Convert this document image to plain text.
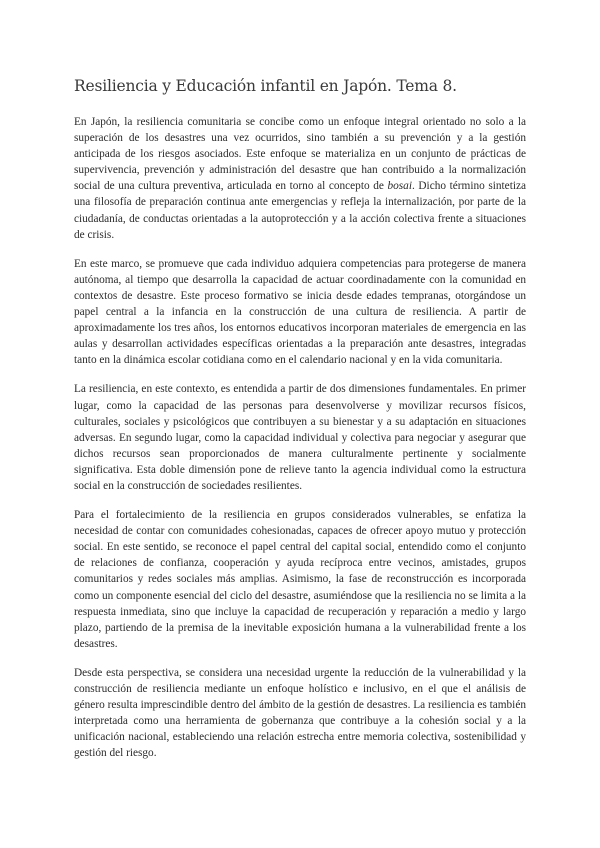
Resiliencia y Educación infantil en Japón. Tema 8.

En Japón, la resiliencia comunitaria se concibe como un enfoque integral orientado no solo a la superación de los desastres una vez ocurridos, sino también a su prevención y a la gestión anticipada de los riesgos asociados. Este enfoque se materializa en un conjunto de prácticas de supervivencia, prevención y administración del desastre que han contribuido a la normalización social de una cultura preventiva, articulada en torno al concepto de bosai. Dicho término sintetiza una filosofía de preparación continua ante emergencias y refleja la internalización, por parte de la ciudadanía, de conductas orientadas a la autoprotección y a la acción colectiva frente a situaciones de crisis.

En este marco, se promueve que cada individuo adquiera competencias para protegerse de manera autónoma, al tiempo que desarrolla la capacidad de actuar coordinadamente con la comunidad en contextos de desastre. Este proceso formativo se inicia desde edades tempranas, otorgándose un papel central a la infancia en la construcción de una cultura de resiliencia. A partir de aproximadamente los tres años, los entornos educativos incorporan materiales de emergencia en las aulas y desarrollan actividades específicas orientadas a la preparación ante desastres, integradas tanto en la dinámica escolar cotidiana como en el calendario nacional y en la vida comunitaria.

La resiliencia, en este contexto, es entendida a partir de dos dimensiones fundamentales. En primer lugar, como la capacidad de las personas para desenvolverse y movilizar recursos físicos, culturales, sociales y psicológicos que contribuyen a su bienestar y a su adaptación en situaciones adversas. En segundo lugar, como la capacidad individual y colectiva para negociar y asegurar que dichos recursos sean proporcionados de manera culturalmente pertinente y socialmente significativa. Esta doble dimensión pone de relieve tanto la agencia individual como la estructura social en la construcción de sociedades resilientes.

Para el fortalecimiento de la resiliencia en grupos considerados vulnerables, se enfatiza la necesidad de contar con comunidades cohesionadas, capaces de ofrecer apoyo mutuo y protección social. En este sentido, se reconoce el papel central del capital social, entendido como el conjunto de relaciones de confianza, cooperación y ayuda recíproca entre vecinos, amistades, grupos comunitarios y redes sociales más amplias. Asimismo, la fase de reconstrucción es incorporada como un componente esencial del ciclo del desastre, asumiéndose que la resiliencia no se limita a la respuesta inmediata, sino que incluye la capacidad de recuperación y reparación a medio y largo plazo, partiendo de la premisa de la inevitable exposición humana a la vulnerabilidad frente a los desastres.

Desde esta perspectiva, se considera una necesidad urgente la reducción de la vulnerabilidad y la construcción de resiliencia mediante un enfoque holístico e inclusivo, en el que el análisis de género resulta imprescindible dentro del ámbito de la gestión de desastres. La resiliencia es también interpretada como una herramienta de gobernanza que contribuye a la cohesión social y a la unificación nacional, estableciendo una relación estrecha entre memoria colectiva, sostenibilidad y gestión del riesgo.
